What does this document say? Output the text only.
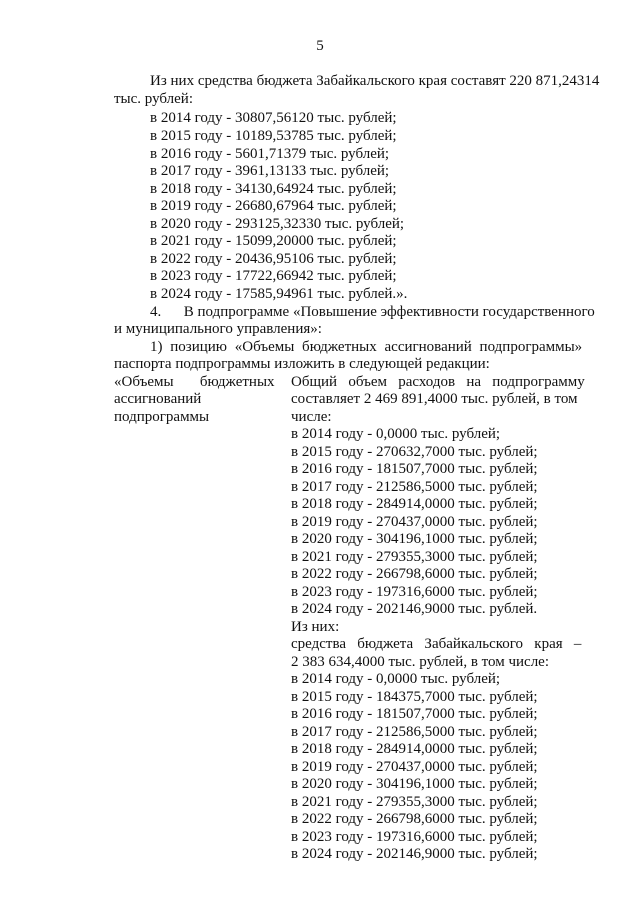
5
Из них средства бюджета Забайкальского края составят 220 871,24314
тыс. рублей:
в 2014 году - 30807,56120 тыс. рублей;
в 2015 году - 10189,53785 тыс. рублей;
в 2016 году - 5601,71379 тыс. рублей;
в 2017 году - 3961,13133 тыс. рублей;
в 2018 году - 34130,64924 тыс. рублей;
в 2019 году - 26680,67964 тыс. рублей;
в 2020 году - 293125,32330 тыс. рублей;
в 2021 году - 15099,20000 тыс. рублей;
в 2022 году - 20436,95106 тыс. рублей;
в 2023 году - 17722,66942 тыс. рублей;
в 2024 году - 17585,94961 тыс. рублей.».
4.      В подпрограмме «Повышение эффективности государственного
и муниципального управления»:
1) позицию «Объемы бюджетных ассигнований подпрограммы»
паспорта подпрограммы изложить в следующей редакции:
«Объемы       бюджетных
ассигнований
подпрограммы
Общий   объем   расходов   на   подпрограмму
составляет 2 469 891,4000 тыс. рублей, в том
числе:
в 2014 году - 0,0000 тыс. рублей;
в 2015 году - 270632,7000 тыс. рублей;
в 2016 году - 181507,7000 тыс. рублей;
в 2017 году - 212586,5000 тыс. рублей;
в 2018 году - 284914,0000 тыс. рублей;
в 2019 году - 270437,0000 тыс. рублей;
в 2020 году - 304196,1000 тыс. рублей;
в 2021 году - 279355,3000 тыс. рублей;
в 2022 году - 266798,6000 тыс. рублей;
в 2023 году - 197316,6000 тыс. рублей;
в 2024 году - 202146,9000 тыс. рублей.
Из них:
средства   бюджета   Забайкальского   края   –
2 383 634,4000 тыс. рублей, в том числе:
в 2014 году - 0,0000 тыс. рублей;
в 2015 году - 184375,7000 тыс. рублей;
в 2016 году - 181507,7000 тыс. рублей;
в 2017 году - 212586,5000 тыс. рублей;
в 2018 году - 284914,0000 тыс. рублей;
в 2019 году - 270437,0000 тыс. рублей;
в 2020 году - 304196,1000 тыс. рублей;
в 2021 году - 279355,3000 тыс. рублей;
в 2022 году - 266798,6000 тыс. рублей;
в 2023 году - 197316,6000 тыс. рублей;
в 2024 году - 202146,9000 тыс. рублей;
